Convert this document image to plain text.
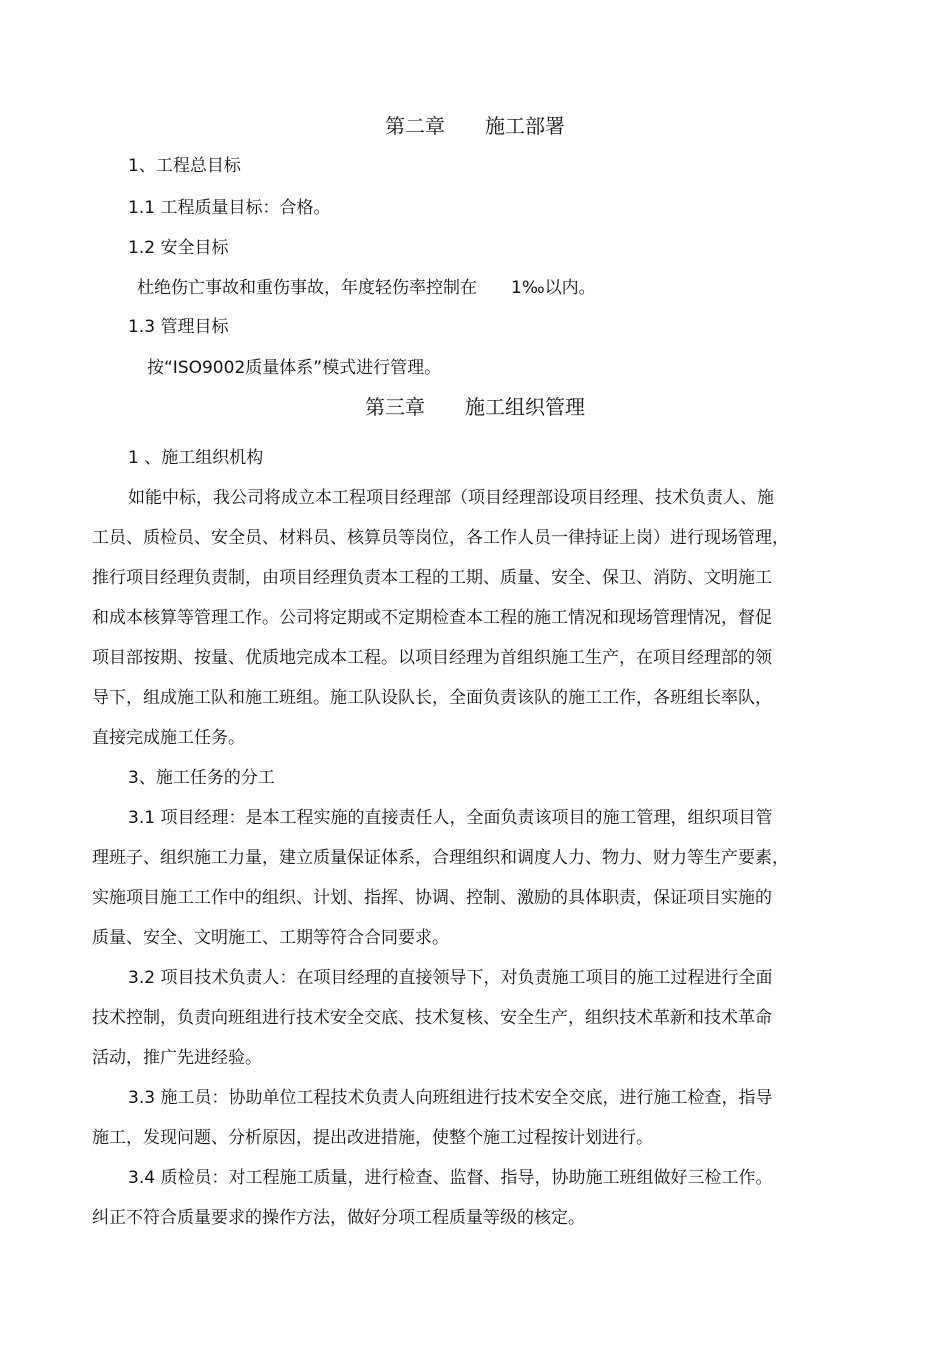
第二章 施工部署
1、工程总目标
1.1 工程质量目标：合格。
1.2 安全目标
杜绝伤亡事故和重伤事故，年度轻伤率控制在 1‰以内。
1.3 管理目标
按“ISO9002质量体系”模式进行管理。
第三章 施工组织管理
1 、施工组织机构
如能中标，我公司将成立本工程项目经理部（项目经理部设项目经理、技术负责人、施
工员、质检员、安全员、材料员、核算员等岗位，各工作人员一律持证上岗）进行现场管理，
推行项目经理负责制，由项目经理负责本工程的工期、质量、安全、保卫、消防、文明施工
和成本核算等管理工作。公司将定期或不定期检查本工程的施工情况和现场管理情况，督促
项目部按期、按量、优质地完成本工程。以项目经理为首组织施工生产，在项目经理部的领
导下，组成施工队和施工班组。施工队设队长，全面负责该队的施工工作，各班组长率队，
直接完成施工任务。
3、施工任务的分工
3.1 项目经理：是本工程实施的直接责任人，全面负责该项目的施工管理，组织项目管
理班子、组织施工力量，建立质量保证体系，合理组织和调度人力、物力、财力等生产要素，
实施项目施工工作中的组织、计划、指挥、协调、控制、激励的具体职责，保证项目实施的
质量、安全、文明施工、工期等符合合同要求。
3.2 项目技术负责人：在项目经理的直接领导下，对负责施工项目的施工过程进行全面
技术控制，负责向班组进行技术安全交底、技术复核、安全生产，组织技术革新和技术革命
活动，推广先进经验。
3.3 施工员：协助单位工程技术负责人向班组进行技术安全交底，进行施工检查，指导
施工，发现问题、分析原因，提出改进措施，使整个施工过程按计划进行。
3.4 质检员：对工程施工质量，进行检查、监督、指导，协助施工班组做好三检工作。
纠正不符合质量要求的操作方法，做好分项工程质量等级的核定。
